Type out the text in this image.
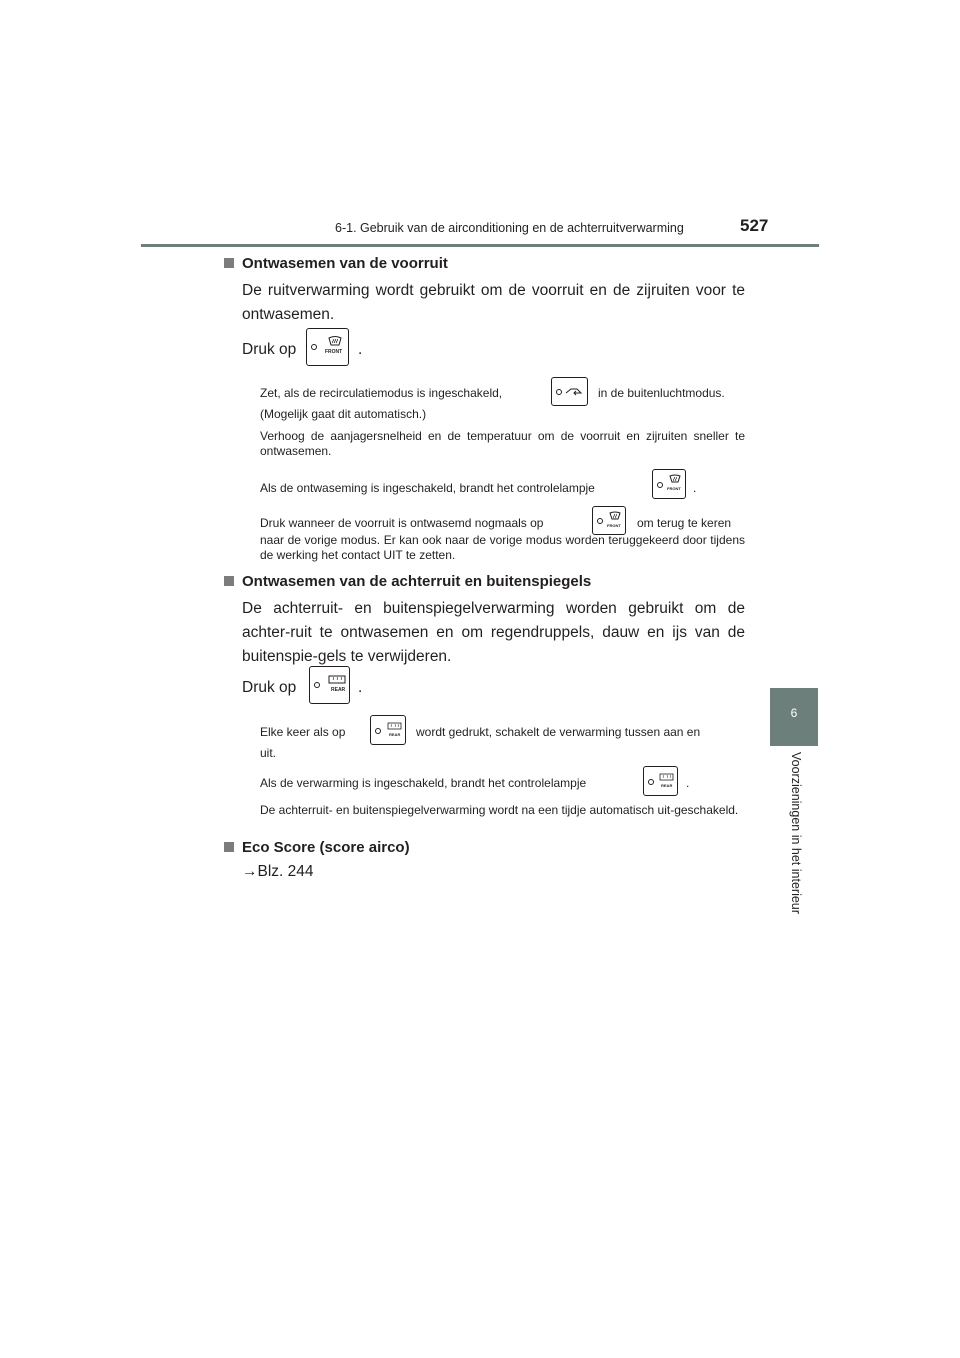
6-1. Gebruik van de airconditioning en de achterruitverwarming	527
6
Voorzieningen in het interieur
Ontwasemen van de voorruit
De ruitverwarming wordt gebruikt om de voorruit en de zijruiten voor te ontwasemen.
Druk op	FRONT .
Zet, als de recirculatiemodus is ingeschakeld,	in de buitenluchtmodus.
(Mogelijk gaat dit automatisch.)
Verhoog de aanjagersnelheid en de temperatuur om de voorruit en zijruiten sneller te ontwasemen.
Als de ontwaseming is ingeschakeld, brandt het controlelampje	FRONT .
Druk wanneer de voorruit is ontwasemd nogmaals op	FRONT om terug te keren
naar de vorige modus. Er kan ook naar de vorige modus worden teruggekeerd door tijdens de werking het contact UIT te zetten.
Ontwasemen van de achterruit en buitenspiegels
De achterruit- en buitenspiegelverwarming worden gebruikt om de achter-ruit te ontwasemen en om regendruppels, dauw en ijs van de buitenspie-gels te verwijderen.
Druk op	REAR .
Elke keer als op	REAR wordt gedrukt, schakelt de verwarming tussen aan en
uit.
Als de verwarming is ingeschakeld, brandt het controlelampje	REAR .
De achterruit- en buitenspiegelverwarming wordt na een tijdje automatisch uit-geschakeld.
Eco Score (score airco)
→Blz. 244
